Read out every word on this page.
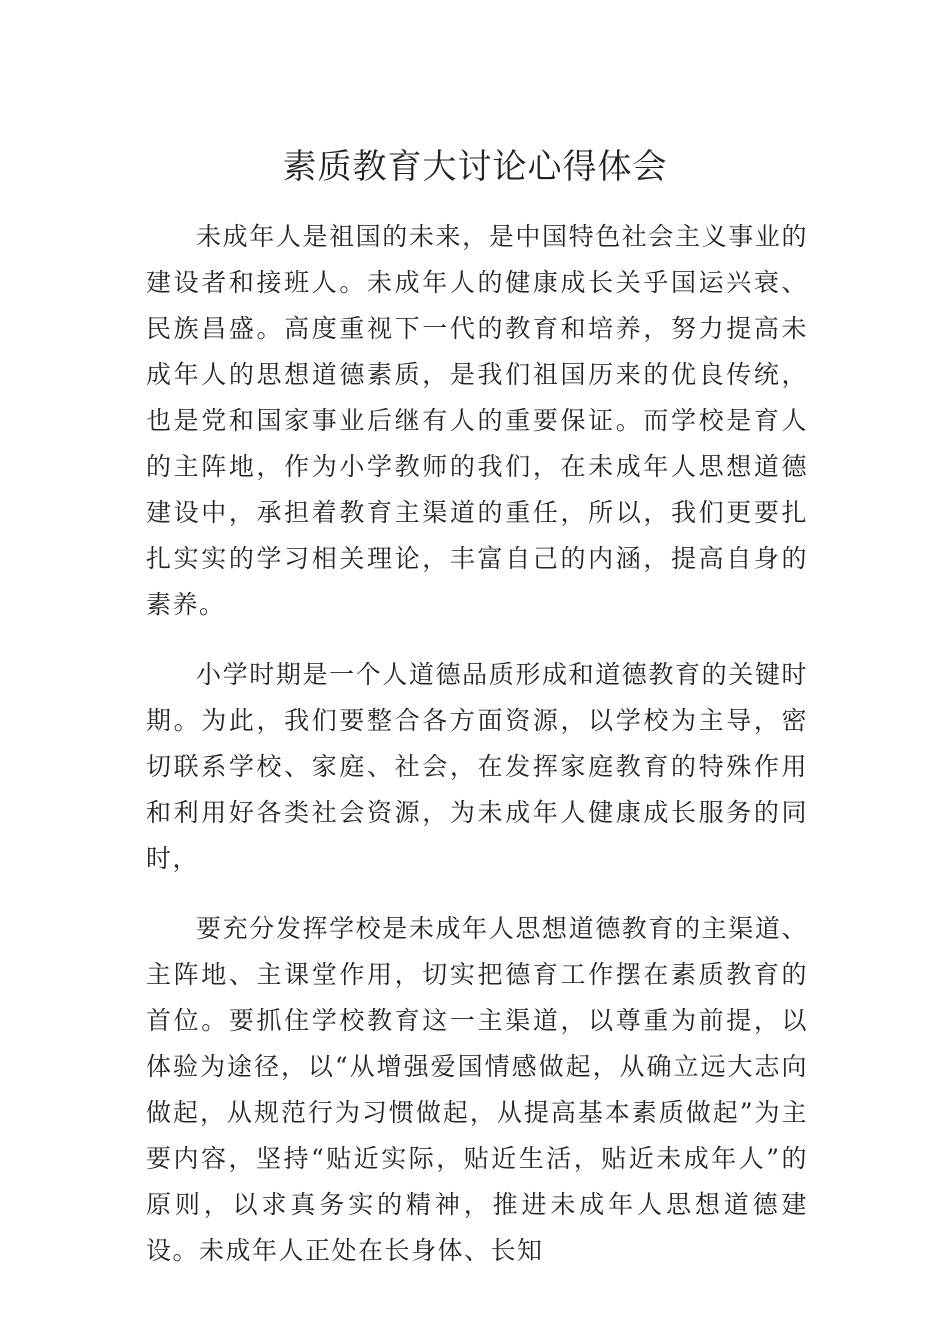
素质教育大讨论心得体会

未成年人是祖国的未来，是中国特色社会主义事业的建设者和接班人。未成年人的健康成长关乎国运兴衰、民族昌盛。高度重视下一代的教育和培养，努力提高未成年人的思想道德素质，是我们祖国历来的优良传统，也是党和国家事业后继有人的重要保证。而学校是育人的主阵地，作为小学教师的我们，在未成年人思想道德建设中，承担着教育主渠道的重任，所以，我们更要扎扎实实的学习相关理论，丰富自己的内涵，提高自身的素养。

小学时期是一个人道德品质形成和道德教育的关键时期。为此，我们要整合各方面资源，以学校为主导，密切联系学校、家庭、社会，在发挥家庭教育的特殊作用和利用好各类社会资源，为未成年人健康成长服务的同时，

要充分发挥学校是未成年人思想道德教育的主渠道、主阵地、主课堂作用，切实把德育工作摆在素质教育的首位。要抓住学校教育这一主渠道，以尊重为前提，以体验为途径，以“从增强爱国情感做起，从确立远大志向做起，从规范行为习惯做起，从提高基本素质做起”为主要内容，坚持“贴近实际，贴近生活，贴近未成年人”的原则，以求真务实的精神，推进未成年人思想道德建设。未成年人正处在长身体、长知
